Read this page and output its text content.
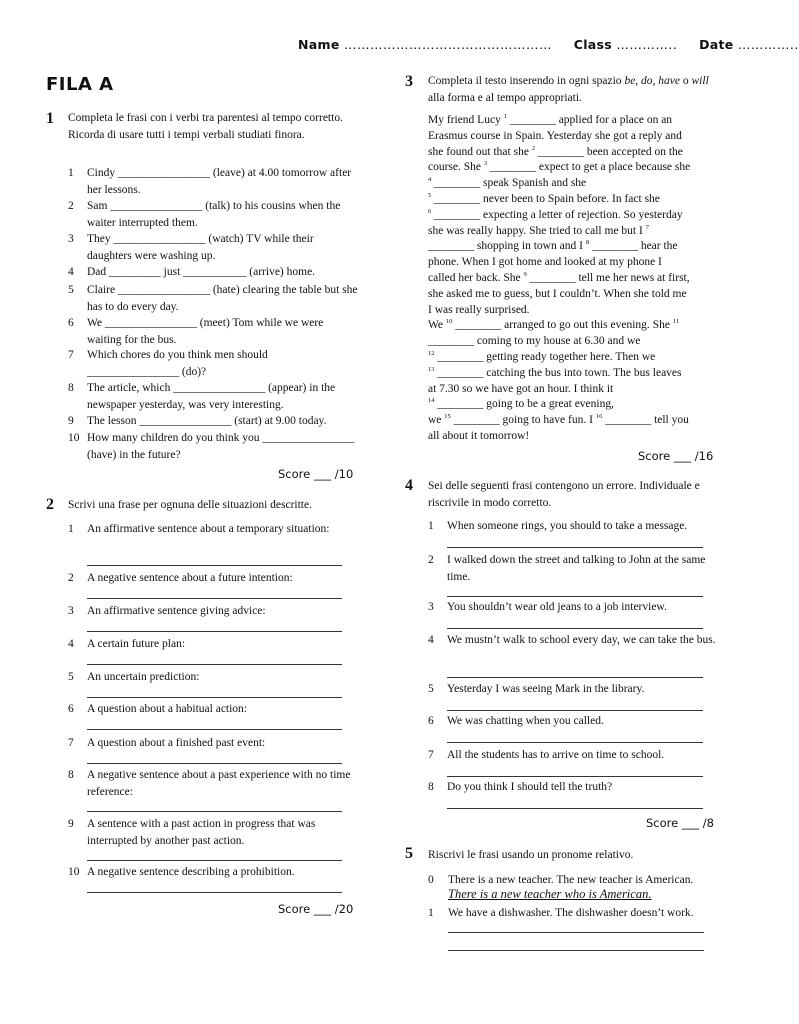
Name ………………………………………… Class ………….. Date …………..
FILA A
1 Completa le frasi con i verbi tra parentesi al tempo corretto. Ricorda di usare tutti i tempi verbali studiati finora.
1 Cindy ________________ (leave) at 4.00 tomorrow after her lessons.
2 Sam ________________ (talk) to his cousins when the waiter interrupted them.
3 They ________________ (watch) TV while their daughters were washing up.
4 Dad _________ just ___________ (arrive) home.
5 Claire ________________ (hate) clearing the table but she has to do every day.
6 We ________________ (meet) Tom while we were waiting for the bus.
7 Which chores do you think men should ________________ (do)?
8 The article, which ________________ (appear) in the newspaper yesterday, was very interesting.
9 The lesson ________________ (start) at 9.00 today.
10 How many children do you think you ________________ (have) in the future?
Score ___ /10
2 Scrivi una frase per ognuna delle situazioni descritte.
1 An affirmative sentence about a temporary situation:
2 A negative sentence about a future intention:
3 An affirmative sentence giving advice:
4 A certain future plan:
5 An uncertain prediction:
6 A question about a habitual action:
7 A question about a finished past event:
8 A negative sentence about a past experience with no time reference:
9 A sentence with a past action in progress that was interrupted by another past action.
10 A negative sentence describing a prohibition.
Score ___ /20
3 Completa il testo inserendo in ogni spazio be, do, have o will alla forma e al tempo appropriati.
My friend Lucy $^1$ ________ applied for a place on an
Erasmus course in Spain. Yesterday she got a reply and
she found out that she $^2$ ________ been accepted on the
course. She $^3$ ________ expect to get a place because she
$^4$ ________ speak Spanish and she
$^5$ ________ never been to Spain before. In fact she
$^6$ ________ expecting a letter of rejection. So yesterday
she was really happy. She tried to call me but I $^7$
________ shopping in town and I $^8$ ________ hear the
phone. When I got home and looked at my phone I
called her back. She $^9$ ________ tell me her news at first,
she asked me to guess, but I couldn’t. When she told me
I was really surprised.
We $^{10}$ ________ arranged to go out this evening. She $^{11}$
________ coming to my house at 6.30 and we
$^{12}$ ________ getting ready together here. Then we
$^{13}$ ________ catching the bus into town. The bus leaves
at 7.30 so we have got an hour. I think it
$^{14}$ ________ going to be a great evening,
we $^{15}$ ________ going to have fun. I $^{16}$ ________ tell you
all about it tomorrow!
Score ___ /16
4 Sei delle seguenti frasi contengono un errore. Individuale e riscrivile in modo corretto.
1 When someone rings, you should to take a message.
2 I walked down the street and talking to John at the same time.
3 You shouldn’t wear old jeans to a job interview.
4 We mustn’t walk to school every day, we can take the bus.
5 Yesterday I was seeing Mark in the library.
6 We was chatting when you called.
7 All the students has to arrive on time to school.
8 Do you think I should tell the truth?
Score ___ /8
5 Riscrivi le frasi usando un pronome relativo.
0 There is a new teacher. The new teacher is American.
There is a new teacher who is American.
1 We have a dishwasher. The dishwasher doesn’t work.
